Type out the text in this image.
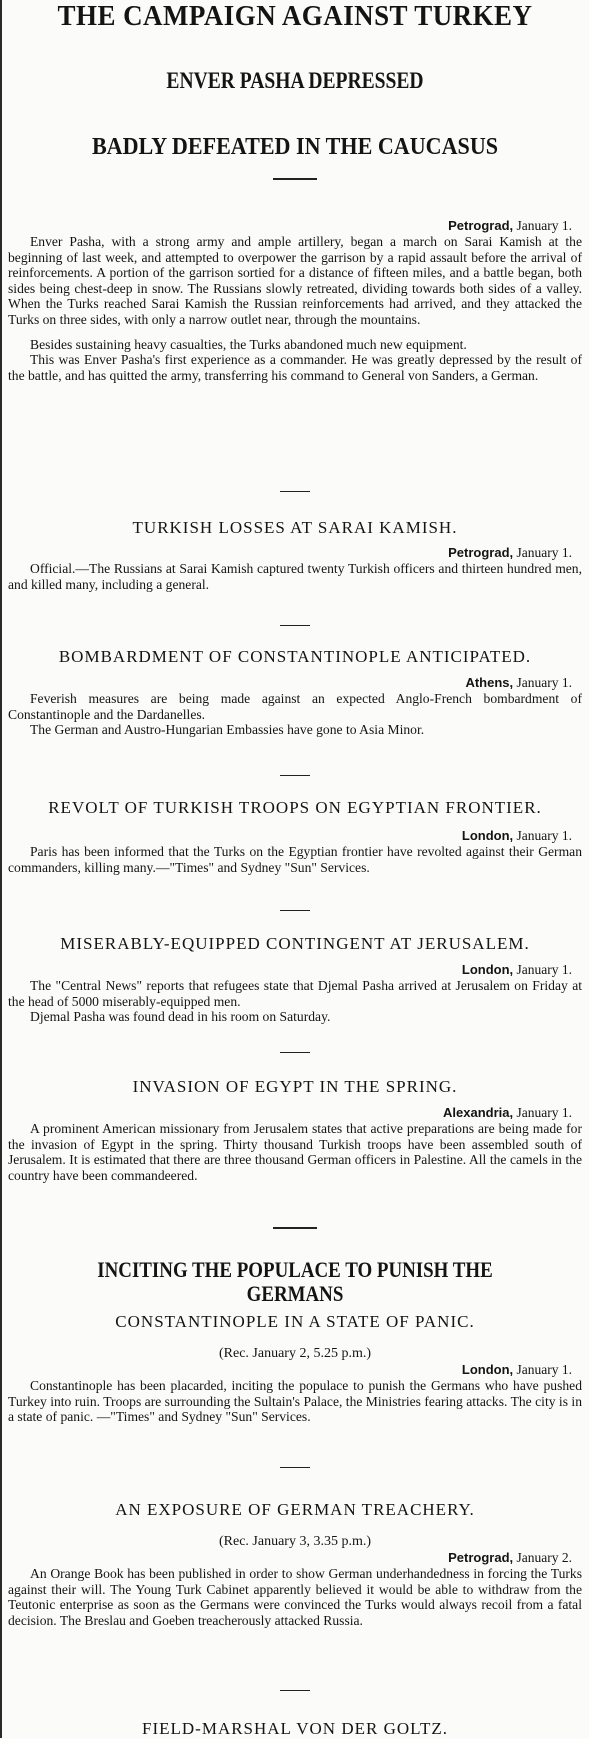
THE CAMPAIGN AGAINST TURKEY
ENVER PASHA DEPRESSED
BADLY DEFEATED IN THE CAUCASUS
Petrograd, January 1.

Enver Pasha, with a strong army and ample artillery, began a march on Sarai Kamish at the beginning of last week, and attempted to overpower the garrison by a rapid assault before the arrival of reinforcements. A portion of the garrison sortied for a distance of fifteen miles, and a battle began, both sides being chest-deep in snow. The Russians slowly retreated, dividing towards both sides of a valley. When the Turks reached Sarai Kamish the Russian reinforcements had arrived, and they attacked the Turks on three sides, with only a narrow outlet near, through the mountains.

Besides sustaining heavy casualties, the Turks abandoned much new equipment.

This was Enver Pasha's first experience as a commander. He was greatly depressed by the result of the battle, and has quitted the army, transferring his command to General von Sanders, a German.

TURKISH LOSSES AT SARAI KAMISH.
Petrograd, January 1.

Official.—The Russians at Sarai Kamish captured twenty Turkish officers and thirteen hundred men, and killed many, including a general.

BOMBARDMENT OF CONSTANTINOPLE ANTICIPATED.
Athens, January 1.

Feverish measures are being made against an expected Anglo-French bombardment of Constantinople and the Dardanelles.

The German and Austro-Hungarian Embassies have gone to Asia Minor.

REVOLT OF TURKISH TROOPS ON EGYPTIAN FRONTIER.
London, January 1.

Paris has been informed that the Turks on the Egyptian frontier have revolted against their German commanders, killing many.—"Times" and Sydney "Sun" Services.

MISERABLY-EQUIPPED CONTINGENT AT JERUSALEM.
London, January 1.

The "Central News" reports that refugees state that Djemal Pasha arrived at Jerusalem on Friday at the head of 5000 miserably-equipped men.

Djemal Pasha was found dead in his room on Saturday.

INVASION OF EGYPT IN THE SPRING.
Alexandria, January 1.

A prominent American missionary from Jerusalem states that active preparations are being made for the invasion of Egypt in the spring. Thirty thousand Turkish troops have been assembled south of Jerusalem. It is estimated that there are three thousand German officers in Palestine. All the camels in the country have been commandeered.

INCITING THE POPULACE TO PUNISH THE GERMANS
CONSTANTINOPLE IN A STATE OF PANIC.
(Rec. January 2, 5.25 p.m.)
London, January 1.

Constantinople has been placarded, inciting the populace to punish the Germans who have pushed Turkey into ruin. Troops are surrounding the Sultain's Palace, the Ministries fearing attacks. The city is in a state of panic. —"Times" and Sydney "Sun" Services.

AN EXPOSURE OF GERMAN TREACHERY.
(Rec. January 3, 3.35 p.m.)
Petrograd, January 2.

An Orange Book has been published in order to show German underhandedness in forcing the Turks against their will. The Young Turk Cabinet apparently believed it would be able to withdraw from the Teutonic enterprise as soon as the Germans were convinced the Turks would always recoil from a fatal decision. The Breslau and Goeben treacherously attacked Russia.

FIELD-MARSHAL VON DER GOLTZ.
